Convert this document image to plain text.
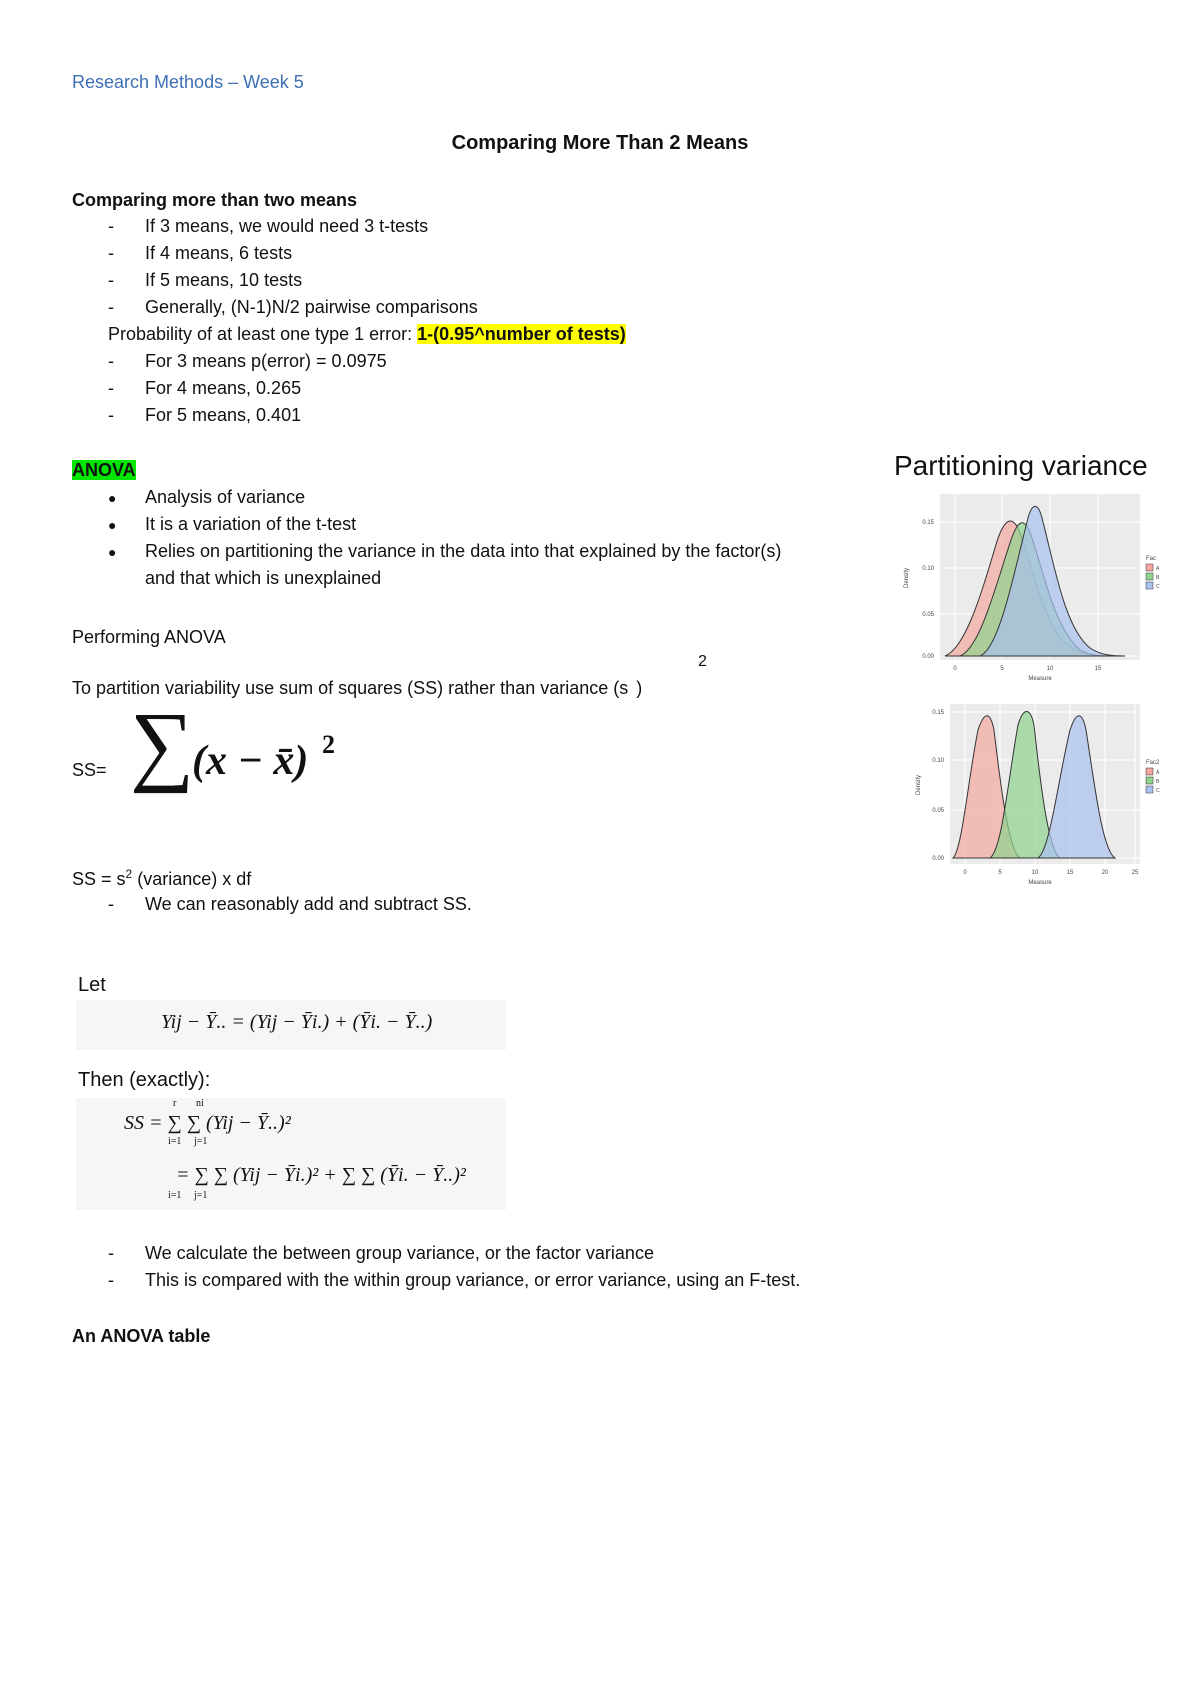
Research Methods – Week 5
Comparing More Than 2 Means
Comparing more than two means
- If 3 means, we would need 3 t-tests
- If 4 means, 6 tests
- If 5 means, 10 tests
- Generally, (N-1)N/2 pairwise comparisons
Probability of at least one type 1 error: 1-(0.95^number of tests)
- For 3 means p(error) = 0.0975
- For 4 means, 0.265
- For 5 means, 0.401
ANOVA
● Analysis of variance
● It is a variation of the t-test
● Relies on partitioning the variance in the data into that explained by the factor(s)
and that which is unexplained
Partitioning variance
0.15
0.10
0.05
0.00
0	5	10	15
Measure
Density
Fac
A
B
C
0.15
0.10
0.05
0.00
0	5	10	15	20	25
Measure
Density
Fac2
A
B
C
Performing ANOVA
2
To partition variability use sum of squares (SS) rather than variance (s )
SS= ∑
(x − x̄) 2
SS = $s^2$ (variance) x df
- We can reasonably add and subtract SS.
Let
Yij − Ȳ.. = (Yij − Ȳi.) + (Ȳi. − Ȳ..)
Then (exactly):
SS = ∑ ∑ (Yij − Ȳ..)²
= ∑ ∑ (Yij − Ȳi.)² + ∑ ∑ (Ȳi. − Ȳ..)²
r ni
i=1 j=1
i=1 j=1
- We calculate the between group variance, or the factor variance
- This is compared with the within group variance, or error variance, using an F-test.
An ANOVA table
